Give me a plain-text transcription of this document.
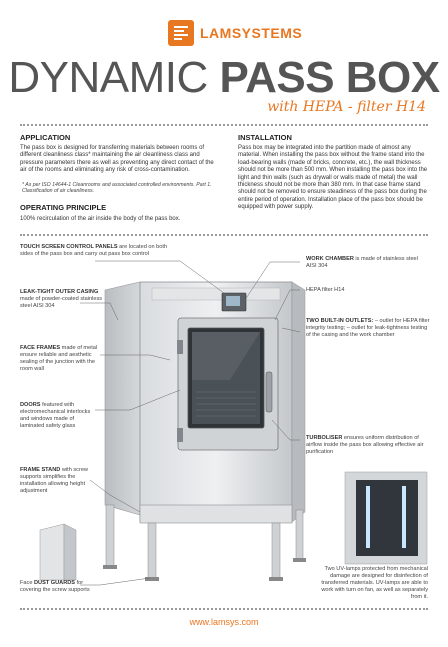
LAMSYSTEMS
DYNAMIC PASS BOX
with HEPA - filter H14
APPLICATION
The pass box is designed for transferring materials between rooms of different cleanliness class* maintaining the air cleanliness class and pressure parameters there as well as preventing any direct contact of the air of the rooms and eliminating any risk of cross-contamination.
* As per ISO 14644-1 Cleanrooms and associated controlled environments. Part 1. Classification of air cleanliness.
OPERATING PRINCIPLE
100% recirculation of the air inside the body of the pass box.
INSTALLATION
Pass box may be integrated into the partition made of almost any material. When installing the pass box without the frame stand into the load-bearing walls (made of bricks, concrete, etc.), the wall thickness should not be more than 500 mm. When installing the pass box into the light and thin walls (such as drywall or walls made of metal) the wall thickness should not be more than 380 mm. In that case frame stand should not be removed to ensure steadiness of the pass box during the entire period of operation. Installation place of the pass box should be equipped with power supply.
TOUCH SCREEN CONTROL PANELS are located on both sides of the pass box and carry out pass box control
LEAK-TIGHT OUTER CASING made of powder-coated stainless steel AISI 304
FACE FRAMES made of metal ensure reliable and aesthetic sealing of the junction with the room wall
DOORS featured with electromechanical interlocks and windows made of laminated safety glass
FRAME STAND with screw supports simplifies the installation allowing height adjustment
Face DUST GUARDS for covering the screw supports
WORK CHAMBER is made of stainless steel AISI 304
HEPA filter H14
TWO BUILT-IN OUTLETS: – outlet for HEPA filter integrity testing; – outlet for leak-tightness testing of the casing and the work chamber
TURBOLISER ensures uniform distribution of airflow inside the pass box allowing effective air purification
Two UV-lamps protected from mechanical damage are designed for disinfection of transferred materials. UV-lamps are able to work with turn on fan, as well as separately from it.
www.lamsys.com
